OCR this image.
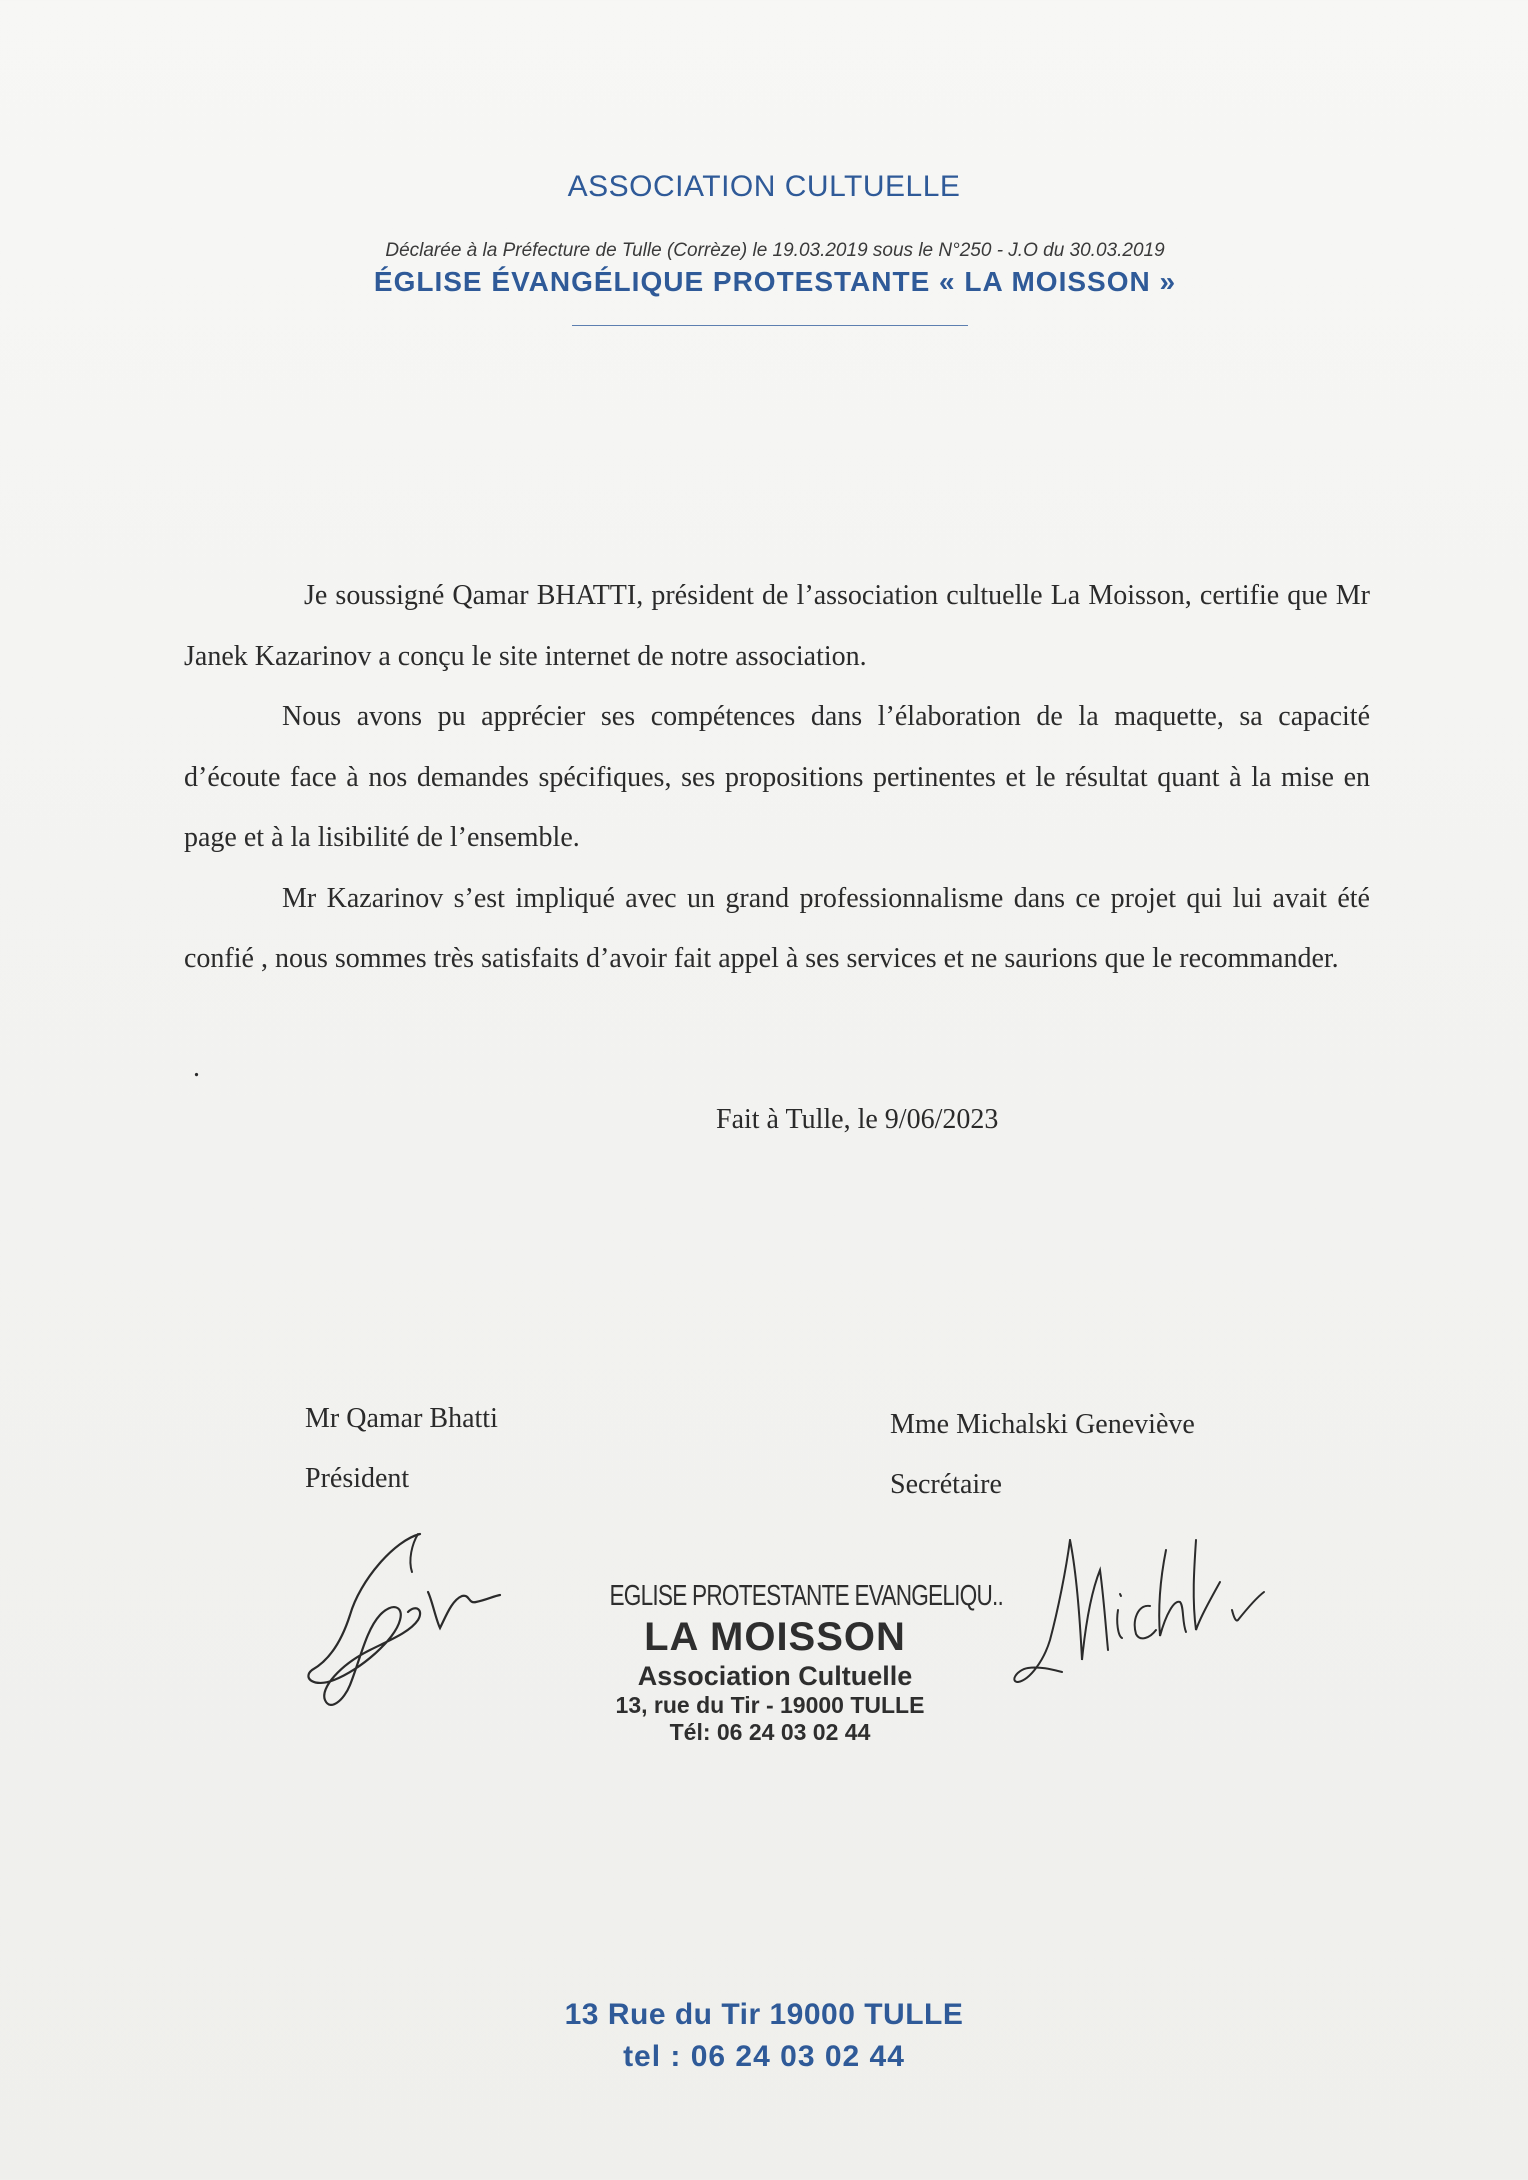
ASSOCIATION CULTUELLE
Déclarée à la Préfecture de Tulle (Corrèze) le 19.03.2019 sous le N°250 - J.O du 30.03.2019
ÉGLISE ÉVANGÉLIQUE PROTESTANTE « LA MOISSON »

Je soussigné Qamar BHATTI, président de l’association cultuelle La Moisson, certifie que Mr Janek Kazarinov a conçu le site internet de notre association.

Nous avons pu apprécier ses compétences dans l’élaboration de la maquette, sa capacité d’écoute face à nos demandes spécifiques, ses propositions pertinentes et le résultat quant à la mise en page et à la lisibilité de l’ensemble.

Mr Kazarinov s’est impliqué avec un grand professionnalisme dans ce projet qui lui avait été confié , nous sommes très satisfaits d’avoir fait appel à ses services et ne saurions que le recommander.

.
Fait à Tulle, le 9/06/2023
Mr Qamar Bhatti
Président
Mme Michalski Geneviève
Secrétaire
EGLISE PROTESTANTE EVANGELIQU..
LA MOISSON
Association Cultuelle
13, rue du Tir - 19000 TULLE
Tél: 06 24 03 02 44
13 Rue du Tir 19000 TULLE
tel : 06 24 03 02 44
